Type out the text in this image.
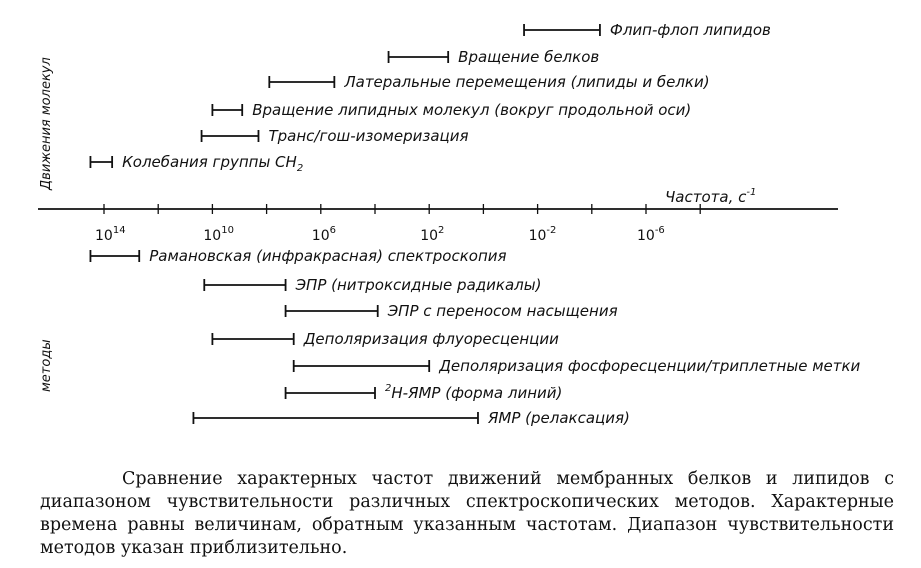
Движения молекул
методы
Частота, $с^{-1}$
$10^{14}$	$10^{10}$	$10^6$	$10^2$	$10^{-2}$	$10^{-6}$
Флип-флоп липидов
Вращение белков
Латеральные перемещения (липиды и белки)
Вращение липидных молекул (вокруг продольной оси)
Транс/гош-изомеризация
Колебания группы $СН_2$
Рамановская (инфракрасная) спектроскопия
ЭПР (нитроксидные радикалы)
ЭПР с переносом насыщения
Деполяризация флуоресценции
Деполяризация фосфоресценции/триплетные метки
$^2$Н-ЯМР (форма линий)
ЯМР (релаксация)

Сравнение характерных частот движений мембранных белков и липидов с диапазоном чувствительности различных спектроскопических методов. Характерные времена равны величинам, обратным указанным частотам. Диапазон чувствительности методов указан приблизительно.
